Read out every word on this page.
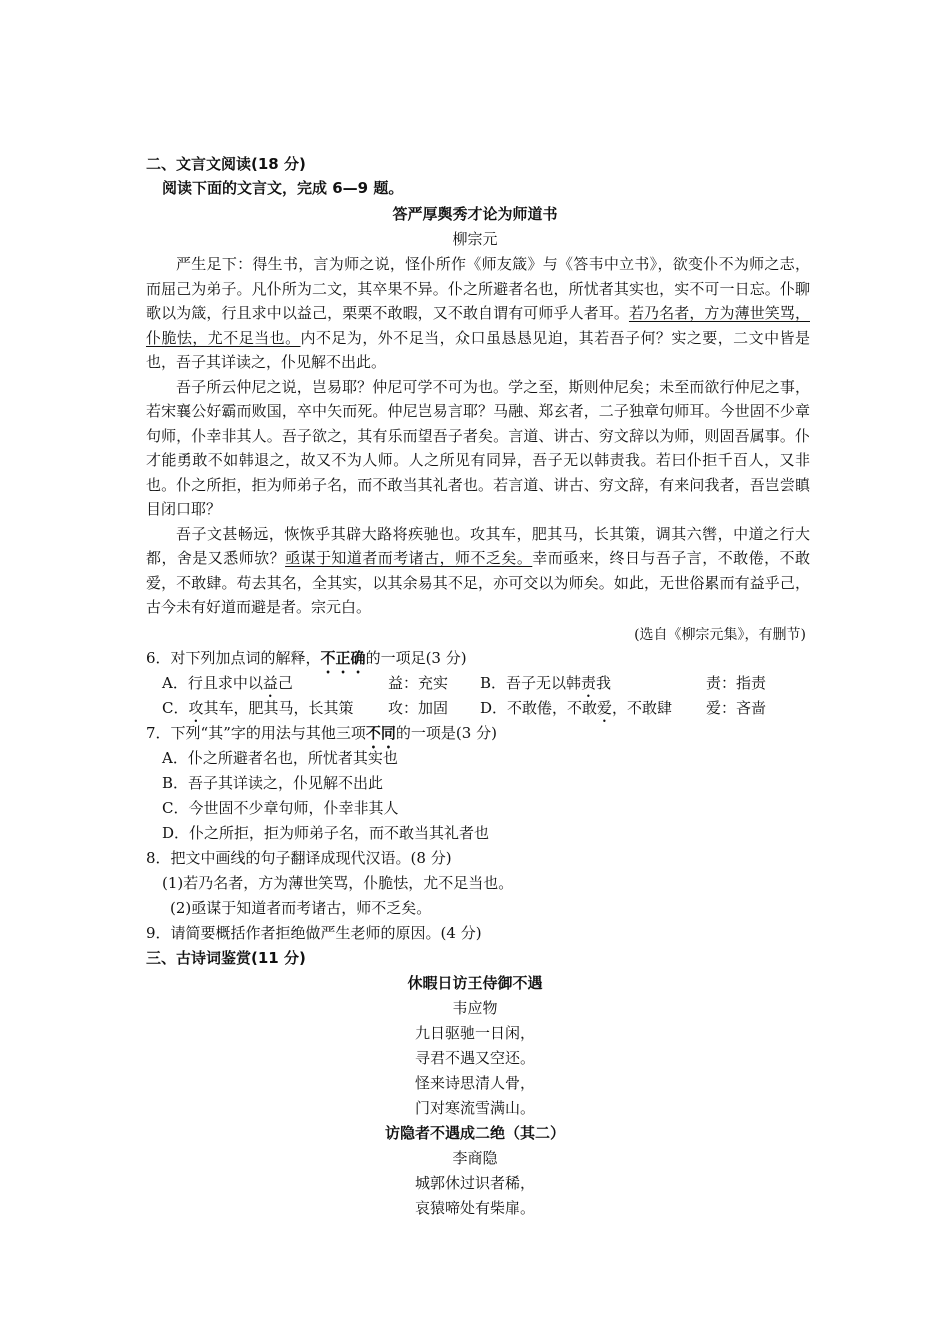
二、文言文阅读(18 分)
阅读下面的文言文，完成 6—9 题。
答严厚舆秀才论为师道书
柳宗元

严生足下：得生书，言为师之说，怪仆所作《师友箴》与《答韦中立书》，欲变仆不为师之志，而屈己为弟子。凡仆所为二文，其卒果不异。仆之所避者名也，所忧者其实也，实不可一日忘。仆聊歌以为箴，行且求中以益己，栗栗不敢暇，又不敢自谓有可师乎人者耳。若乃名者，方为薄世笑骂，仆脆怯，尤不足当也。内不足为，外不足当，众口虽恳恳见迫，其若吾子何？实之要，二文中皆是也，吾子其详读之，仆见解不出此。

吾子所云仲尼之说，岂易耶？仲尼可学不可为也。学之至，斯则仲尼矣；未至而欲行仲尼之事，若宋襄公好霸而败国，卒中矢而死。仲尼岂易言耶？马融、郑玄者，二子独章句师耳。今世固不少章句师，仆幸非其人。吾子欲之，其有乐而望吾子者矣。言道、讲古、穷文辞以为师，则固吾属事。仆才能勇敢不如韩退之，故又不为人师。人之所见有同异，吾子无以韩责我。若曰仆拒千百人，又非也。仆之所拒，拒为师弟子名，而不敢当其礼者也。若言道、讲古、穷文辞，有来问我者，吾岂尝瞋目闭口耶？

吾子文甚畅远，恢恢乎其辟大路将疾驰也。攻其车，肥其马，长其策，调其六辔，中道之行大都，舍是又悉师欤？亟谋于知道者而考诸古，师不乏矣。幸而亟来，终日与吾子言，不敢倦，不敢爱，不敢肆。苟去其名，全其实，以其余易其不足，亦可交以为师矣。如此，无世俗累而有益乎己，古今未有好道而避是者。宗元白。

(选自《柳宗元集》，有删节)
6．对下列加点词的解释，不正确的一项足(3 分)
A．行且求中以益己	益：充实 B．吾子无以韩责我	责：指责
C．攻其车，肥其马，长其策 攻：加固 D．不敢倦，不敢爱，不敢肆 爱：吝啬
7．下列“其”字的用法与其他三项不同的一项是(3 分)
A．仆之所避者名也，所忧者其实也
B．吾子其详读之，仆见解不出此
C．今世固不少章句师，仆幸非其人
D．仆之所拒，拒为师弟子名，而不敢当其礼者也
8．把文中画线的句子翻译成现代汉语。(8 分)
(1)若乃名者，方为薄世笑骂，仆脆怯，尤不足当也。
(2)亟谋于知道者而考诸古，师不乏矣。
9．请简要概括作者拒绝做严生老师的原因。(4 分)
三、古诗词鉴赏(11 分)
休暇日访王侍御不遇
韦应物
九日驱驰一日闲，
寻君不遇又空还。
怪来诗思清人骨，
门对寒流雪满山。
访隐者不遇成二绝（其二）
李商隐
城郭休过识者稀，
哀猿啼处有柴扉。
